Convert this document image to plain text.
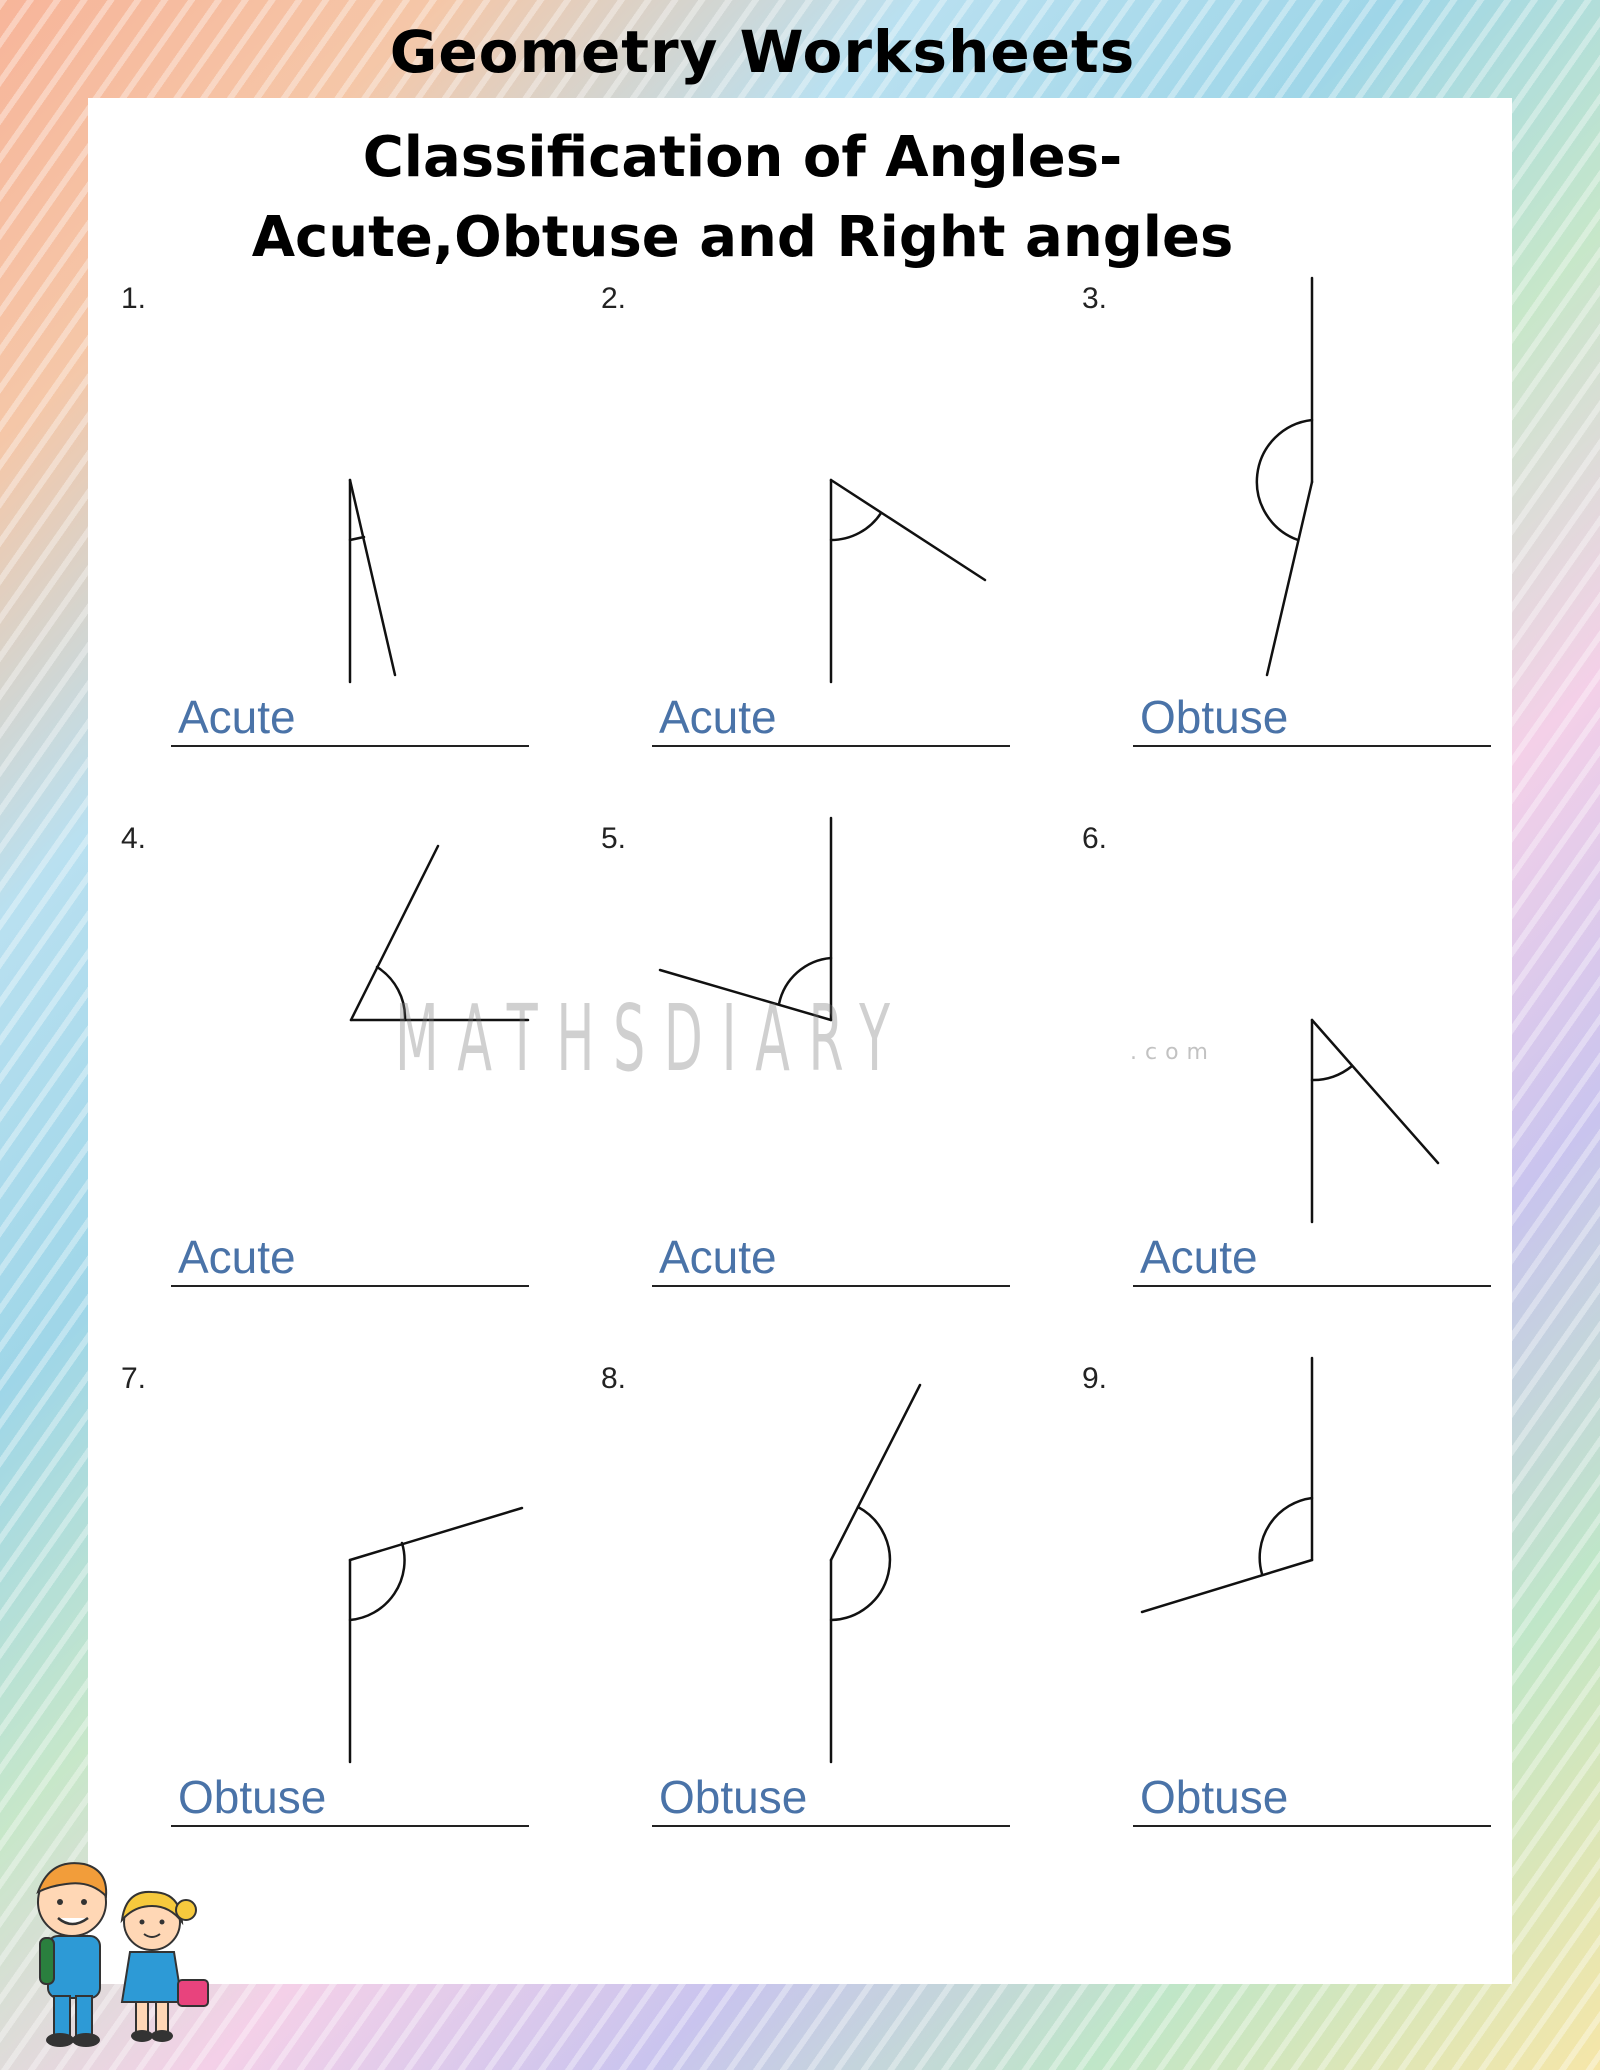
Geometry Worksheets
Classification of Angles-
Acute,Obtuse and Right angles
1.	2.	3.
4.	5.	6.
7.	8.	9.
Acute	Acute	Obtuse
Acute	Acute	Acute
Obtuse	Obtuse	Obtuse
MATHSDIARY	.com
